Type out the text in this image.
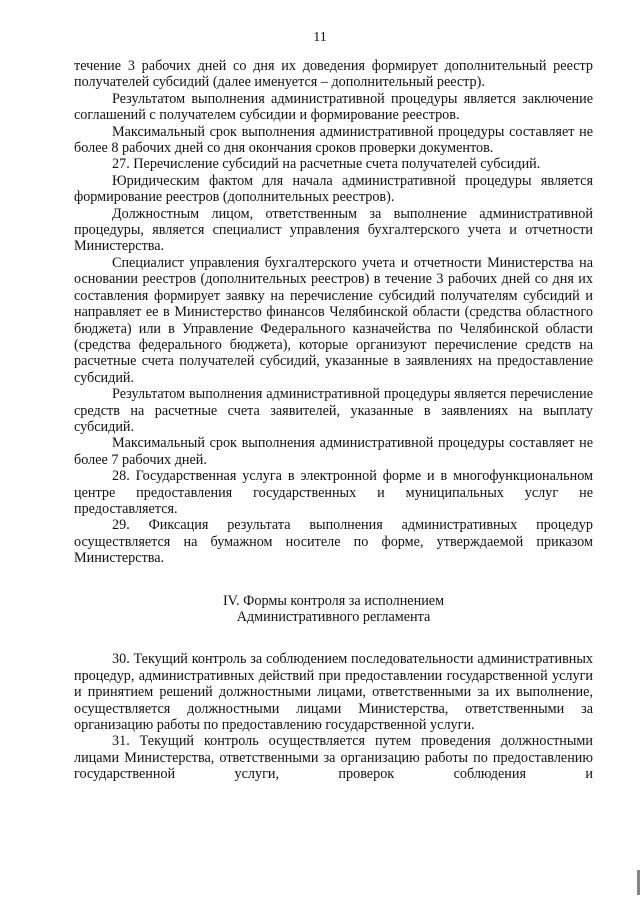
11

течение 3 рабочих дней со дня их доведения формирует дополнительный реестр получателей субсидий (далее именуется – дополнительный реестр).

Результатом выполнения административной процедуры является заключение соглашений с получателем субсидии и формирование реестров.

Максимальный срок выполнения административной процедуры составляет не более 8 рабочих дней со дня окончания сроков проверки документов.

27. Перечисление субсидий на расчетные счета получателей субсидий.

Юридическим фактом для начала административной процедуры является формирование реестров (дополнительных реестров).

Должностным лицом, ответственным за выполнение административной процедуры, является специалист управления бухгалтерского учета и отчетности Министерства.

Специалист управления бухгалтерского учета и отчетности Министерства на основании реестров (дополнительных реестров) в течение 3 рабочих дней со дня их составления формирует заявку на перечисление субсидий получателям субсидий и направляет ее в Министерство финансов Челябинской области (средства областного бюджета) или в Управление Федерального казначейства по Челябинской области (средства федерального бюджета), которые организуют перечисление средств на расчетные счета получателей субсидий, указанные в заявлениях на предоставление субсидий.

Результатом выполнения административной процедуры является перечисление средств на расчетные счета заявителей, указанные в заявлениях на выплату субсидий.

Максимальный срок выполнения административной процедуры составляет не более 7 рабочих дней.

28. Государственная услуга в электронной форме и в многофункциональном центре предоставления государственных и муниципальных услуг не предоставляется.

29. Фиксация результата выполнения административных процедур осуществляется на бумажном носителе по форме, утверждаемой приказом Министерства.

IV. Формы контроля за исполнением

Административного регламента

30. Текущий контроль за соблюдением последовательности административных процедур, административных действий при предоставлении государственной услуги и принятием решений должностными лицами, ответственными за их выполнение, осуществляется должностными лицами Министерства, ответственными за организацию работы по предоставлению государственной услуги.

31. Текущий контроль осуществляется путем проведения должностными лицами Министерства, ответственными за организацию работы по предоставлению государственной услуги, проверок соблюдения и
